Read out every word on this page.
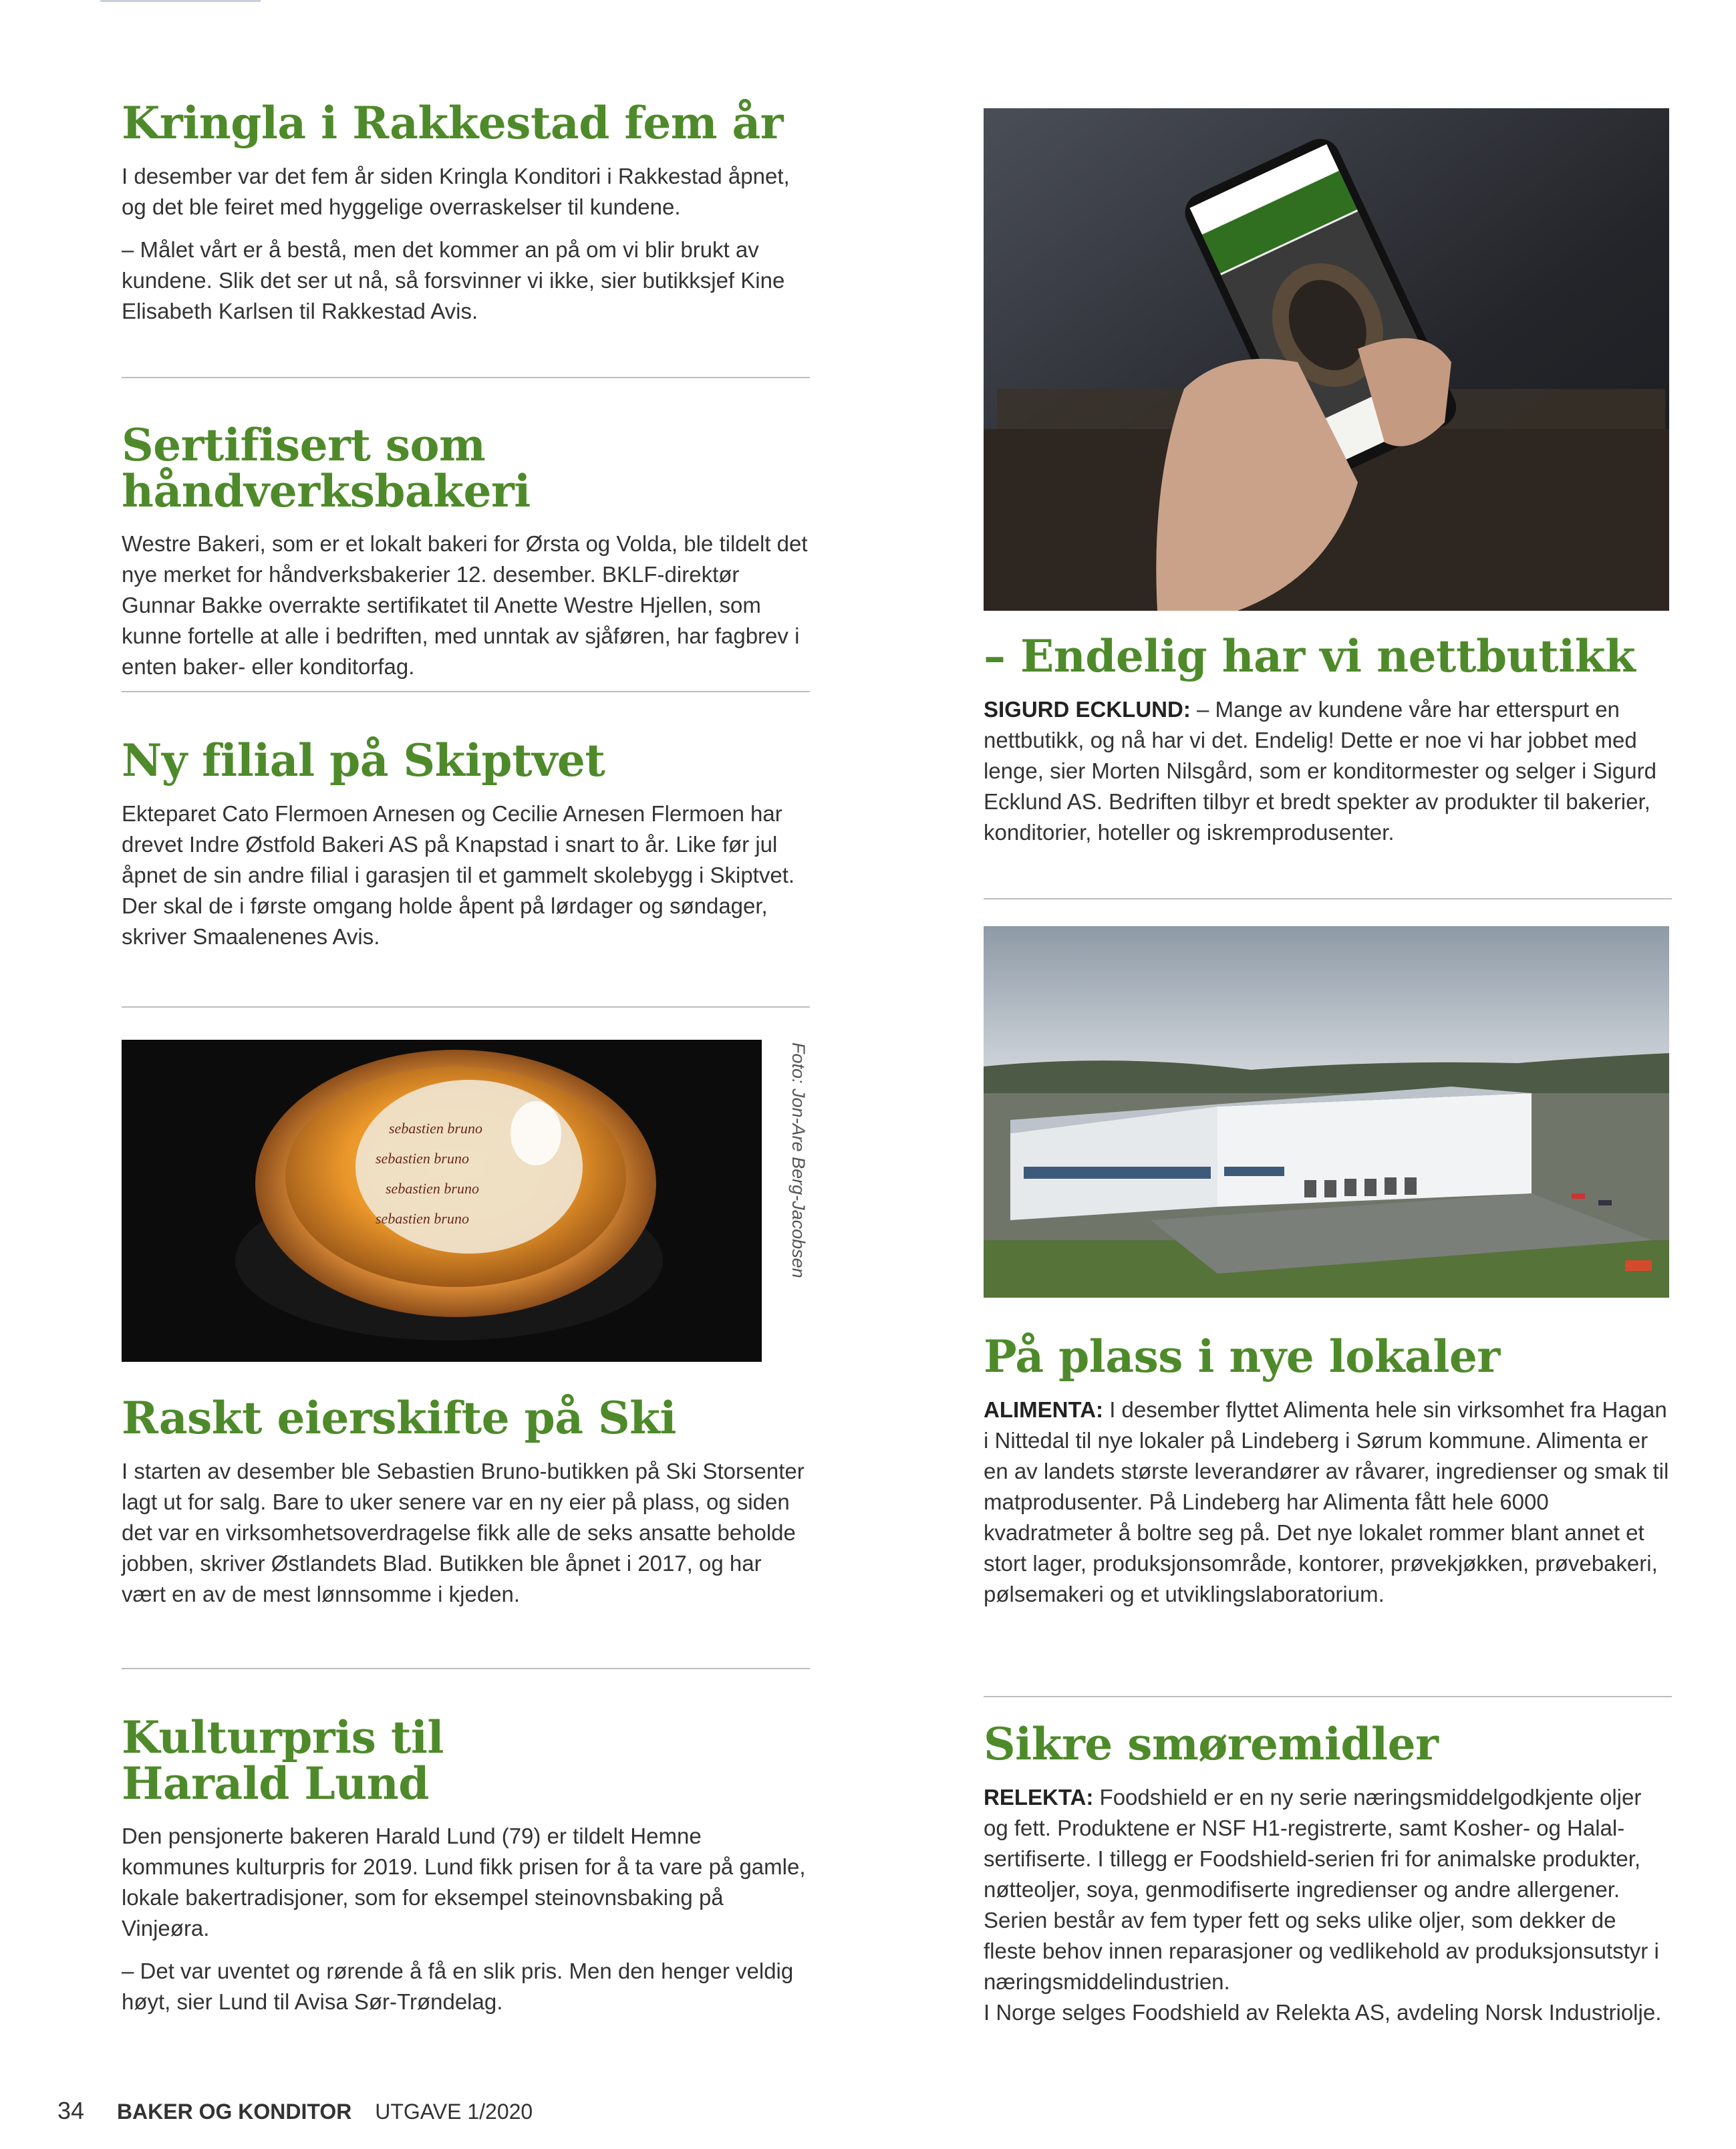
Kringla i Rakkestad fem år

I desember var det fem år siden Kringla Konditori i Rakkestad åpnet, og det ble feiret med hyggelige overraskelser til kundene.

– Målet vårt er å bestå, men det kommer an på om vi blir brukt av kundene. Slik det ser ut nå, så forsvinner vi ikke, sier butikksjef Kine Elisabeth Karlsen til Rakkestad Avis.

Sertifisert som håndverksbakeri

Westre Bakeri, som er et lokalt bakeri for Ørsta og Volda, ble tildelt det nye merket for håndverksbakerier 12. desember. BKLF-direktør Gunnar Bakke overrakte sertifikatet til Anette Westre Hjellen, som kunne fortelle at alle i bedriften, med unntak av sjåføren, har fagbrev i enten baker- eller konditorfag.

Ny filial på Skiptvet

Ekteparet Cato Flermoen Arnesen og Cecilie Arnesen Flermoen har drevet Indre Østfold Bakeri AS på Knapstad i snart to år. Like før jul åpnet de sin andre filial i garasjen til et gammelt skolebygg i Skiptvet. Der skal de i første omgang holde åpent på lørdager og søndager, skriver Smaalenenes Avis.

sebastien bruno
sebastien bruno
sebastien bruno
sebastien bruno	Foto: Jon-Are Berg-Jacobsen
Raskt eierskifte på Ski

I starten av desember ble Sebastien Bruno-butikken på Ski Storsenter lagt ut for salg. Bare to uker senere var en ny eier på plass, og siden det var en virksomhetsoverdragelse fikk alle de seks ansatte beholde jobben, skriver Østlandets Blad. Butikken ble åpnet i 2017, og har vært en av de mest lønnsomme i kjeden.

Kulturpris til
Harald Lund

Den pensjonerte bakeren Harald Lund (79) er tildelt Hemne kommunes kulturpris for 2019. Lund fikk prisen for å ta vare på gamle, lokale bakertradisjoner, som for eksempel steinovnsbaking på Vinjeøra.

– Det var uventet og rørende å få en slik pris. Men den henger veldig høyt, sier Lund til Avisa Sør-Trøndelag.

– Endelig har vi nettbutikk

SIGURD ECKLUND: – Mange av kundene våre har etterspurt en nettbutikk, og nå har vi det. Endelig! Dette er noe vi har jobbet med lenge, sier Morten Nilsgård, som er konditormester og selger i Sigurd Ecklund AS. Bedriften tilbyr et bredt spekter av produkter til bakerier, konditorier, hoteller og iskremprodusenter.

På plass i nye lokaler

ALIMENTA: I desember flyttet Alimenta hele sin virksomhet fra Hagan i Nittedal til nye lokaler på Lindeberg i Sørum kommune. Alimenta er en av landets største leverandører av råvarer, ingredienser og smak til matprodusenter. På Lindeberg har Alimenta fått hele 6000 kvadratmeter å boltre seg på. Det nye lokalet rommer blant annet et stort lager, produksjonsområde, kontorer, prøvekjøkken, prøvebakeri, pølsemakeri og et utviklingslaboratorium.

Sikre smøremidler

RELEKTA: Foodshield er en ny serie næringsmiddelgodkjente oljer og fett. Produktene er NSF H1-registrerte, samt Kosher- og Halal-sertifiserte. I tillegg er Foodshield-serien fri for animalske produkter, nøtteoljer, soya, genmodifiserte ingredienser og andre allergener. Serien består av fem typer fett og seks ulike oljer, som dekker de fleste behov innen reparasjoner og vedlikehold av produksjonsutstyr i næringsmiddelindustrien.
I Norge selges Foodshield av Relekta AS, avdeling Norsk Industriolje.

34 BAKER OG KONDITOR UTGAVE 1/2020
